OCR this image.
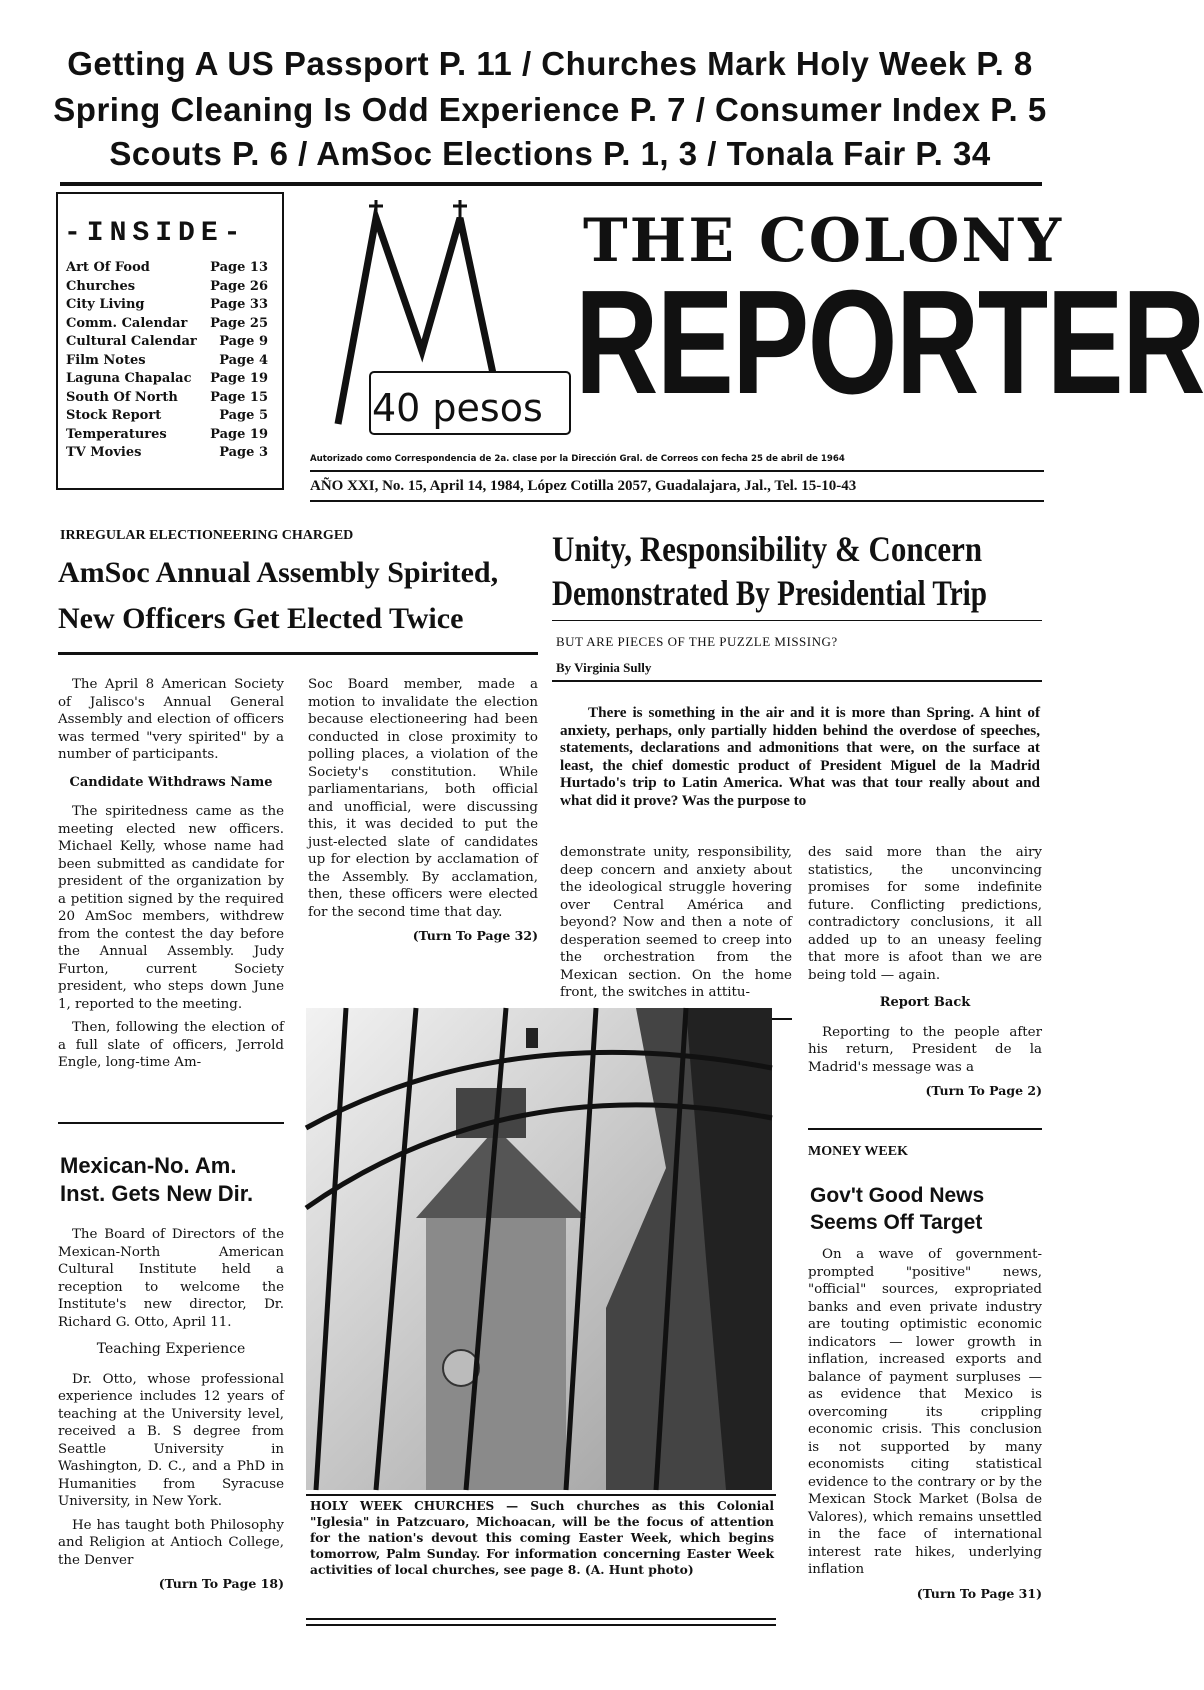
Getting A US Passport P. 11 / Churches Mark Holy Week P. 8
Spring Cleaning Is Odd Experience P. 7 / Consumer Index P. 5
Scouts P. 6 / AmSoc Elections P. 1, 3 / Tonala Fair P. 34
-INSIDE-
Art Of Food	Page 13
Churches	Page 26
City Living	Page 33
Comm. Calendar Page 25
Cultural Calendar Page 9
Film Notes	Page 4
Laguna Chapalac Page 19
South Of North Page 15
Stock Report	Page 5
Temperatures	Page 19
TV Movies	Page 3
40 pesos
THE COLONY
REPORTER
Autorizado como Correspondencia de 2a. clase por la Dirección Gral. de Correos con fecha 25 de abril de 1964
AÑO XXI, No. 15, April 14, 1984, López Cotilla 2057, Guadalajara, Jal., Tel. 15-10-43
IRREGULAR ELECTIONEERING CHARGED
AmSoc Annual Assembly Spirited,
New Officers Get Elected Twice

The April 8 American Society of Jalisco's Annual General Assembly and election of officers was termed "very spirited" by a number of participants.

Candidate Withdraws Name

The spiritedness came as the meeting elected new officers. Michael Kelly, whose name had been submitted as candidate for president of the organization by a petition signed by the required 20 AmSoc members, withdrew from the contest the day before the Annual Assembly. Judy Furton, current Society president, who steps down June 1, reported to the meeting.

Then, following the election of a full slate of officers, Jerrold Engle, long-time Am-

Soc Board member, made a motion to invalidate the election because electioneering had been conducted in close proximity to polling places, a violation of the Society's constitution. While parliamentarians, both official and unofficial, were discussing this, it was decided to put the just-elected slate of candidates up for election by acclamation of the Assembly. By acclamation, then, these officers were elected for the second time that day.

(Turn To Page 32)
Unity, Responsibility & Concern
Demonstrated By Presidential Trip
BUT ARE PIECES OF THE PUZZLE MISSING?
By Virginia Sully

There is something in the air and it is more than Spring. A hint of anxiety, perhaps, only partially hidden behind the overdose of speeches, statements, declarations and admonitions that were, on the surface at least, the chief domestic product of President Miguel de la Madrid Hurtado's trip to Latin America. What was that tour really about and what did it prove? Was the purpose to

demonstrate unity, responsibility, deep concern and anxiety about the ideological struggle hovering over Central América and beyond? Now and then a note of desperation seemed to creep into the orchestration from the Mexican section. On the home front, the switches in attitu-

des said more than the airy statistics, the unconvincing promises for some indefinite future. Conflicting predictions, contradictory conclusions, it all added up to an uneasy feeling that more is afoot than we are being told — again.

Report Back

Reporting to the people after his return, President de la Madrid's message was a

(Turn To Page 2)
Mexican-No. Am.
Inst. Gets New Dir.

The Board of Directors of the Mexican-North American Cultural Institute held a reception to welcome the Institute's new director, Dr. Richard G. Otto, April 11.

Teaching Experience

Dr. Otto, whose professional experience includes 12 years of teaching at the University level, received a B. S degree from Seattle University in Washington, D. C., and a PhD in Humanities from Syracuse University, in New York.

He has taught both Philosophy and Religion at Antioch College, the Denver

(Turn To Page 18)
HOLY WEEK CHURCHES — Such churches as this Colonial "Iglesia" in Patzcuaro, Michoacan, will be the focus of attention for the nation's devout this coming Easter Week, which begins tomorrow, Palm Sunday. For information concerning Easter Week activities of local churches, see page 8. (A. Hunt photo)
MONEY WEEK
Gov't Good News
Seems Off Target

On a wave of government-prompted "positive" news, "official" sources, expropriated banks and even private industry are touting optimistic economic indicators — lower growth in inflation, increased exports and balance of payment surpluses — as evidence that Mexico is overcoming its crippling economic crisis. This conclusion is not supported by many economists citing statistical evidence to the contrary or by the Mexican Stock Market (Bolsa de Valores), which remains unsettled in the face of international interest rate hikes, underlying inflation

(Turn To Page 31)
